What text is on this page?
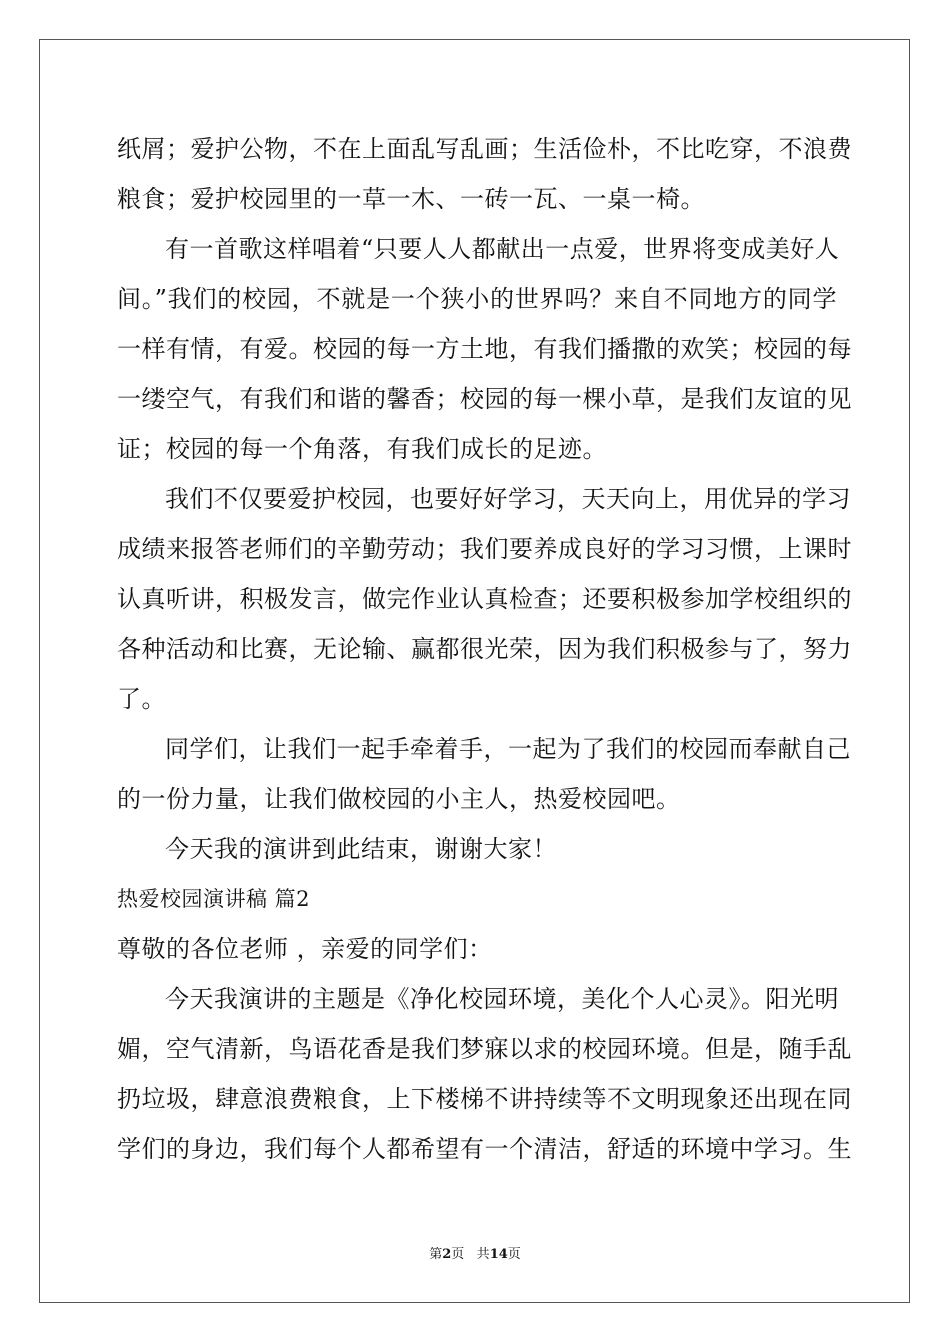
纸屑；爱护公物，不在上面乱写乱画；生活俭朴，不比吃穿，不浪费
粮食；爱护校园里的一草一木、一砖一瓦、一桌一椅。
有一首歌这样唱着“只要人人都献出一点爱，世界将变成美好人
间。”我们的校园，不就是一个狭小的世界吗？来自不同地方的同学
一样有情，有爱。校园的每一方土地，有我们播撒的欢笑；校园的每
一缕空气，有我们和谐的馨香；校园的每一棵小草，是我们友谊的见
证；校园的每一个角落，有我们成长的足迹。
我们不仅要爱护校园，也要好好学习，天天向上，用优异的学习
成绩来报答老师们的辛勤劳动；我们要养成良好的学习习惯，上课时
认真听讲，积极发言，做完作业认真检查；还要积极参加学校组织的
各种活动和比赛，无论输、赢都很光荣，因为我们积极参与了，努力
了。
同学们，让我们一起手牵着手，一起为了我们的校园而奉献自己
的一份力量，让我们做校园的小主人，热爱校园吧。
今天我的演讲到此结束，谢谢大家！
热爱校园演讲稿 篇2
尊敬的各位老师 ，亲爱的同学们：
今天我演讲的主题是《净化校园环境，美化个人心灵》。阳光明
媚，空气清新，鸟语花香是我们梦寐以求的校园环境。但是，随手乱
扔垃圾，肆意浪费粮食，上下楼梯不讲持续等不文明现象还出现在同
学们的身边，我们每个人都希望有一个清洁，舒适的环境中学习。生
第2页 共14页
